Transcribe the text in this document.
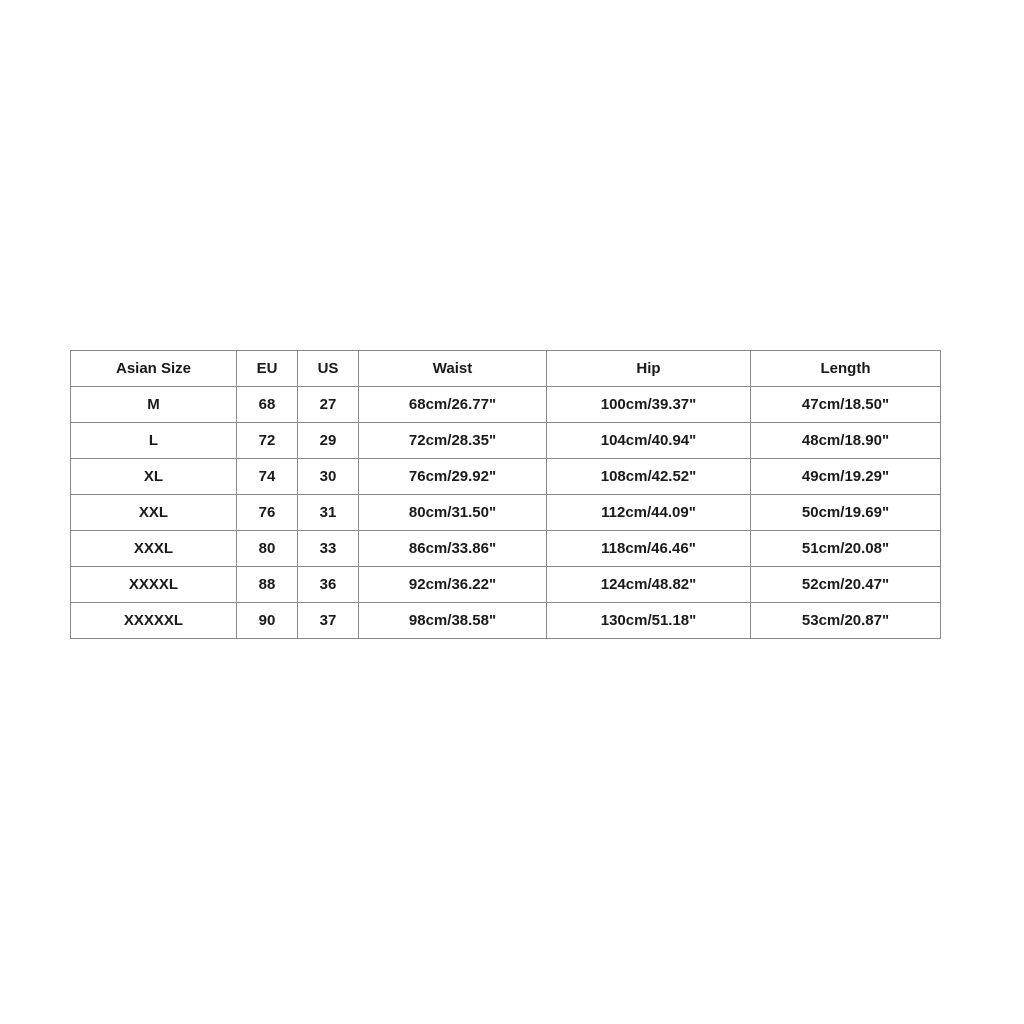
Asian Size	EU	US	Waist	Hip	Length
M	68	27	68cm/26.77"	100cm/39.37"	47cm/18.50"
L	72	29	72cm/28.35"	104cm/40.94"	48cm/18.90"
XL	74	30	76cm/29.92"	108cm/42.52"	49cm/19.29"
XXL	76	31	80cm/31.50"	112cm/44.09"	50cm/19.69"
XXXL	80	33	86cm/33.86"	118cm/46.46"	51cm/20.08"
XXXXL	88	36	92cm/36.22"	124cm/48.82"	52cm/20.47"
XXXXXL	90	37	98cm/38.58"	130cm/51.18"	53cm/20.87"
